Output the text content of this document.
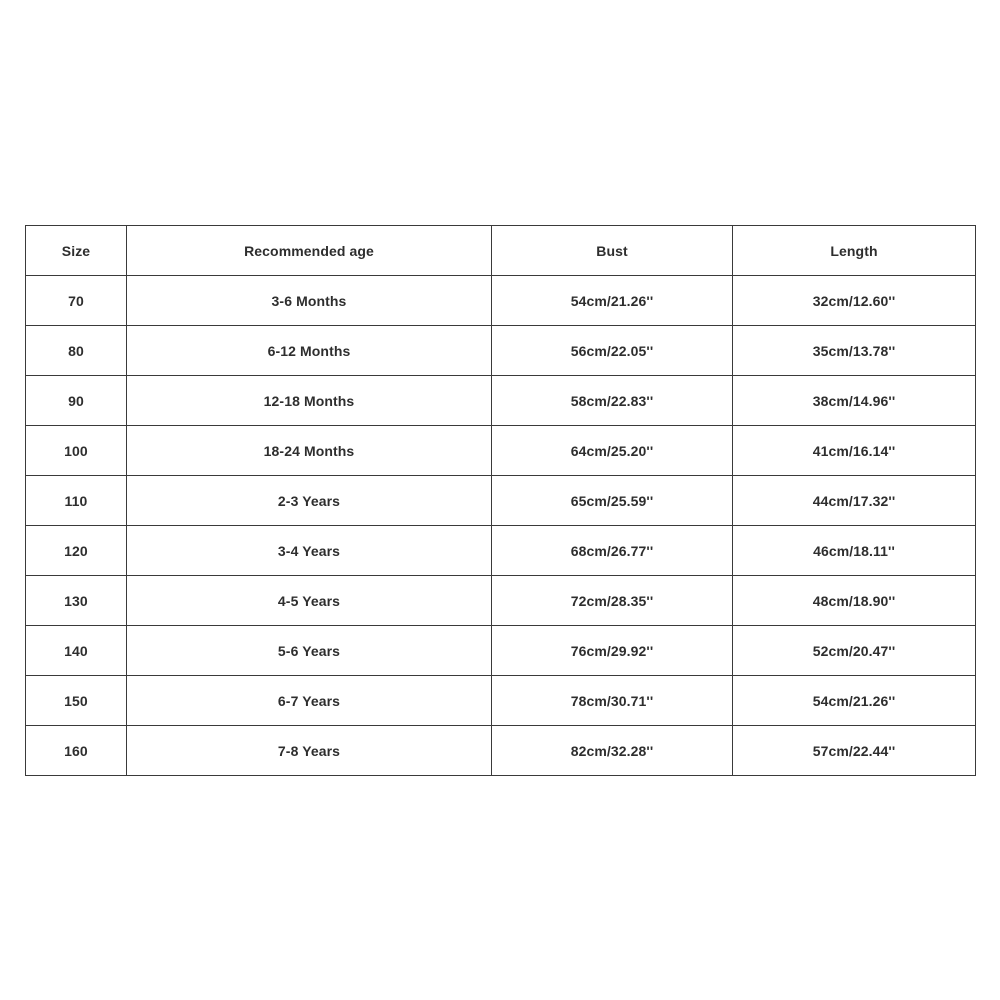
Size	Recommended age	Bust	Length
70	3-6 Months	54cm/21.26''	32cm/12.60''
80	6-12 Months	56cm/22.05''	35cm/13.78''
90	12-18 Months	58cm/22.83''	38cm/14.96''
100	18-24 Months	64cm/25.20''	41cm/16.14''
110	2-3 Years	65cm/25.59''	44cm/17.32''
120	3-4 Years	68cm/26.77''	46cm/18.11''
130	4-5 Years	72cm/28.35''	48cm/18.90''
140	5-6 Years	76cm/29.92''	52cm/20.47''
150	6-7 Years	78cm/30.71''	54cm/21.26''
160	7-8 Years	82cm/32.28''	57cm/22.44''
